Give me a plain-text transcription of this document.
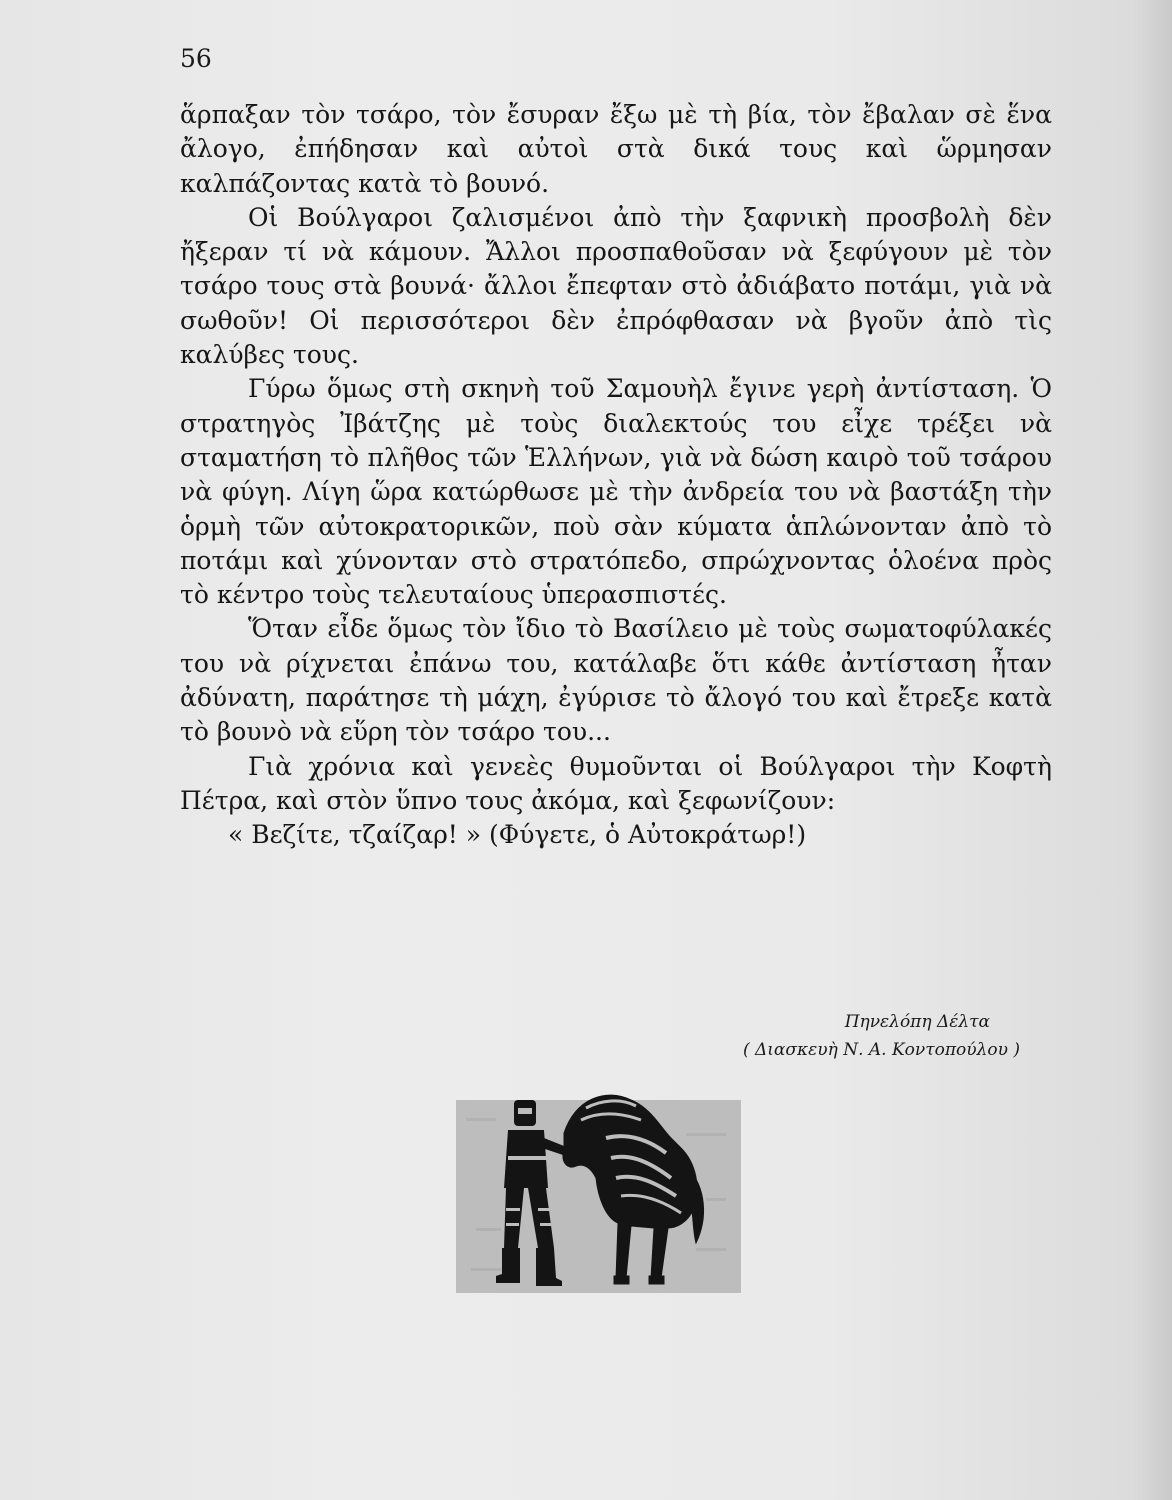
56

ἅρπαξαν τὸν τσάρο, τὸν ἔσυραν ἔξω μὲ τὴ βία, τὸν ἔβαλαν σὲ ἕνα ἄλογο, ἐπήδησαν καὶ αὐτοὶ στὰ δικά τους καὶ ὥρμησαν καλπάζοντας κατὰ τὸ βουνό.

Οἱ Βούλγαροι ζαλισμένοι ἀπὸ τὴν ξαφνικὴ προσβολὴ δὲν ἤξεραν τί νὰ κάμουν. Ἄλλοι προσπαθοῦσαν νὰ ξεφύγουν μὲ τὸν τσάρο τους στὰ βουνά· ἄλλοι ἔπεφταν στὸ ἀδιάβατο ποτάμι, γιὰ νὰ σωθοῦν! Οἱ περισσότεροι δὲν ἐπρόφθασαν νὰ βγοῦν ἀπὸ τὶς καλύβες τους.

Γύρω ὅμως στὴ σκηνὴ τοῦ Σαμουὴλ ἔγινε γερὴ ἀντίσταση. Ὁ στρατηγὸς Ἰβάτζης μὲ τοὺς διαλεκτούς του εἶχε τρέξει νὰ σταματήση τὸ πλῆθος τῶν Ἑλλήνων, γιὰ νὰ δώση καιρὸ τοῦ τσάρου νὰ φύγη. Λίγη ὥρα κατώρθωσε μὲ τὴν ἀνδρεία του νὰ βαστάξη τὴν ὁρμὴ τῶν αὐτοκρατορικῶν, ποὺ σὰν κύματα ἁπλώνονταν ἀπὸ τὸ ποτάμι καὶ χύνονταν στὸ στρατόπεδο, σπρώχνοντας ὁλοένα πρὸς τὸ κέντρο τοὺς τελευταίους ὑπερασπιστές.

Ὅταν εἶδε ὅμως τὸν ἴδιο τὸ Βασίλειο μὲ τοὺς σωματοφύλακές του νὰ ρίχνεται ἐπάνω του, κατάλαβε ὅτι κάθε ἀντίσταση ἦταν ἀδύνατη, παράτησε τὴ μάχη, ἐγύρισε τὸ ἄλογό του καὶ ἔτρεξε κατὰ τὸ βουνὸ νὰ εὕρη τὸν τσάρο του...

Γιὰ χρόνια καὶ γενεὲς θυμοῦνται οἱ Βούλγαροι τὴν Κοφτὴ Πέτρα, καὶ στὸν ὕπνο τους ἀκόμα, καὶ ξεφωνίζουν:

« Βεζίτε, τζαίζαρ! » (Φύγετε, ὁ Αὐτοκράτωρ!)

Πηνελόπη Δέλτα
( Διασκευὴ Ν. Α. Κοντοπούλου )
